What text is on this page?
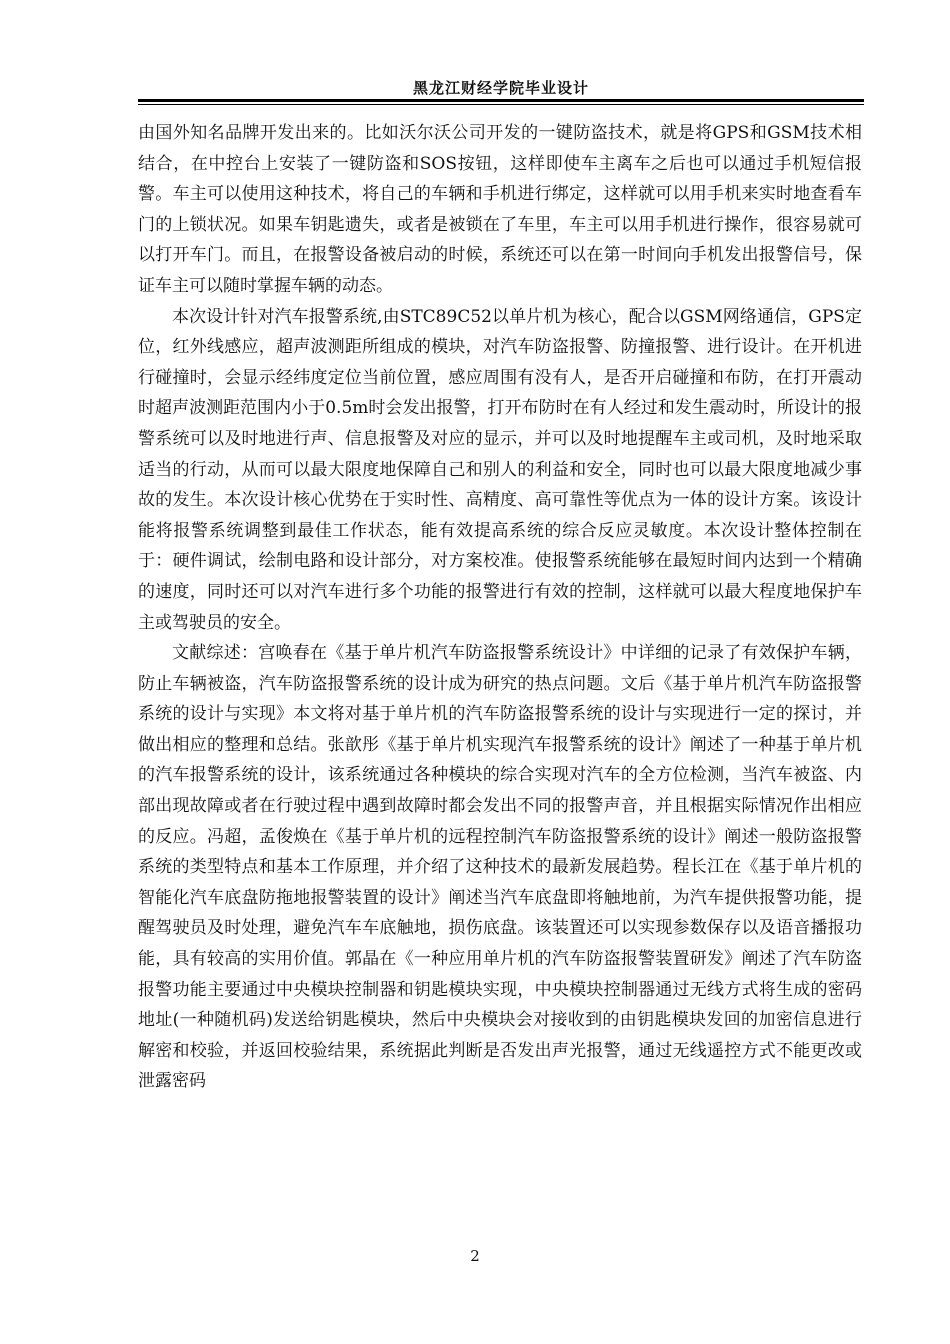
黑龙江财经学院毕业设计

由国外知名品牌开发出来的。比如沃尔沃公司开发的一键防盗技术，就是将GPS和GSM技术相结合，在中控台上安装了一键防盗和SOS按钮，这样即使车主离车之后也可以通过手机短信报警。车主可以使用这种技术，将自己的车辆和手机进行绑定，这样就可以用手机来实时地查看车门的上锁状况。如果车钥匙遗失，或者是被锁在了车里，车主可以用手机进行操作，很容易就可以打开车门。而且，在报警设备被启动的时候，系统还可以在第一时间向手机发出报警信号，保证车主可以随时掌握车辆的动态。

本次设计针对汽车报警系统,由STC89C52以单片机为核心，配合以GSM网络通信，GPS定位，红外线感应，超声波测距所组成的模块，对汽车防盗报警、防撞报警、进行设计。在开机进行碰撞时，会显示经纬度定位当前位置，感应周围有没有人，是否开启碰撞和布防，在打开震动时超声波测距范围内小于0.5m时会发出报警，打开布防时在有人经过和发生震动时，所设计的报警系统可以及时地进行声、信息报警及对应的显示，并可以及时地提醒车主或司机，及时地采取适当的行动，从而可以最大限度地保障自己和别人的利益和安全，同时也可以最大限度地减少事故的发生。本次设计核心优势在于实时性、高精度、高可靠性等优点为一体的设计方案。该设计能将报警系统调整到最佳工作状态，能有效提高系统的综合反应灵敏度。本次设计整体控制在于：硬件调试，绘制电路和设计部分，对方案校准。使报警系统能够在最短时间内达到一个精确的速度，同时还可以对汽车进行多个功能的报警进行有效的控制，这样就可以最大程度地保护车主或驾驶员的安全。

文献综述：宫唤春在《基于单片机汽车防盗报警系统设计》中详细的记录了有效保护车辆，防止车辆被盗，汽车防盗报警系统的设计成为研究的热点问题。文后《基于单片机汽车防盗报警系统的设计与实现》本文将对基于单片机的汽车防盗报警系统的设计与实现进行一定的探讨，并做出相应的整理和总结。张歆彤《基于单片机实现汽车报警系统的设计》阐述了一种基于单片机的汽车报警系统的设计，该系统通过各种模块的综合实现对汽车的全方位检测，当汽车被盗、内部出现故障或者在行驶过程中遇到故障时都会发出不同的报警声音，并且根据实际情况作出相应的反应。冯超，孟俊焕在《基于单片机的远程控制汽车防盗报警系统的设计》阐述一般防盗报警系统的类型特点和基本工作原理，并介绍了这种技术的最新发展趋势。程长江在《基于单片机的智能化汽车底盘防拖地报警装置的设计》阐述当汽车底盘即将触地前，为汽车提供报警功能，提醒驾驶员及时处理，避免汽车车底触地，损伤底盘。该装置还可以实现参数保存以及语音播报功能，具有较高的实用价值。郭晶在《一种应用单片机的汽车防盗报警装置研发》阐述了汽车防盗报警功能主要通过中央模块控制器和钥匙模块实现，中央模块控制器通过无线方式将生成的密码地址(一种随机码)发送给钥匙模块，然后中央模块会对接收到的由钥匙模块发回的加密信息进行解密和校验，并返回校验结果，系统据此判断是否发出声光报警，通过无线遥控方式不能更改或泄露密码

2
